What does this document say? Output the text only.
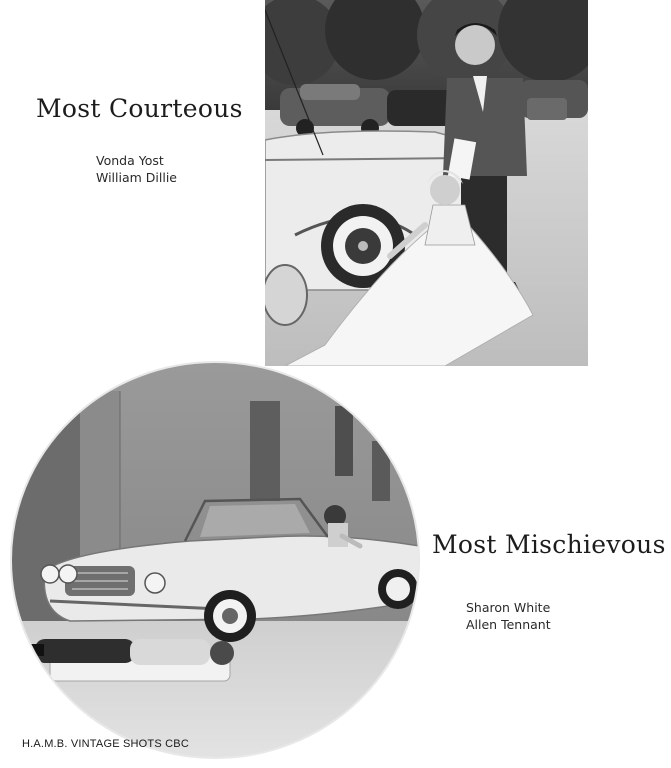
Most Courteous
Vonda Yost
William Dillie
Most Mischievous
Sharon White
Allen Tennant
H.A.M.B. VINTAGE SHOTS CBC
